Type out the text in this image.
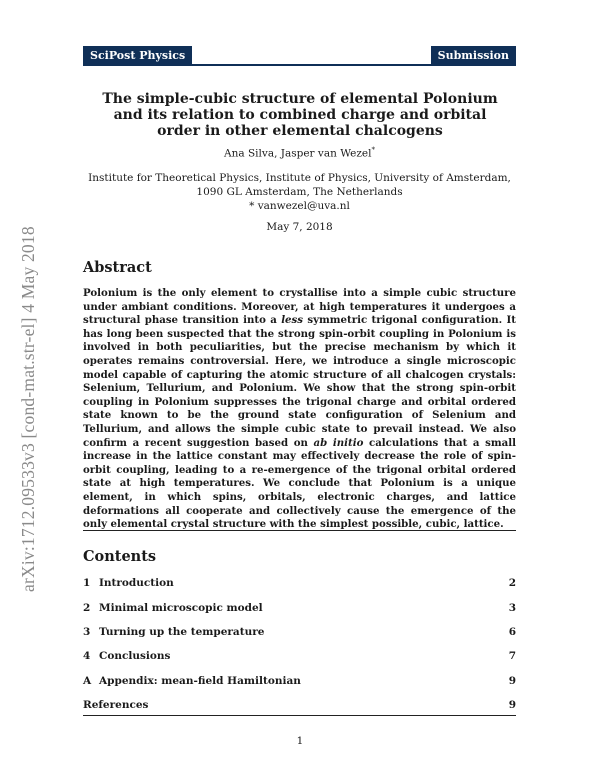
SciPost Physics	Submission
arXiv:1712.09533v3 [cond-mat.str-el] 4 May 2018
The simple-cubic structure of elemental Polonium and its relation to combined charge and orbital order in other elemental chalcogens
Ana Silva, Jasper van Wezel*
Institute for Theoretical Physics, Institute of Physics, University of Amsterdam,
1090 GL Amsterdam, The Netherlands
* vanwezel@uva.nl
May 7, 2018
Abstract

Polonium is the only element to crystallise into a simple cubic structure under ambiant conditions. Moreover, at high temperatures it undergoes a structural phase transition into a less symmetric trigonal configuration. It has long been suspected that the strong spin-orbit coupling in Polonium is involved in both peculiarities, but the precise mechanism by which it operates remains controversial. Here, we introduce a single microscopic model capable of capturing the atomic structure of all chalcogen crystals: Selenium, Tellurium, and Polonium. We show that the strong spin-orbit coupling in Polonium suppresses the trigonal charge and orbital ordered state known to be the ground state configuration of Selenium and Tellurium, and allows the simple cubic state to prevail instead. We also confirm a recent suggestion based on ab initio calculations that a small increase in the lattice constant may effectively decrease the role of spin-orbit coupling, leading to a re-emergence of the trigonal orbital ordered state at high temperatures. We conclude that Polonium is a unique element, in which spins, orbitals, electronic charges, and lattice deformations all cooperate and collectively cause the emergence of the only elemental crystal structure with the simplest possible, cubic, lattice.

Contents
1 Introduction	2
2 Minimal microscopic model	3
3 Turning up the temperature	6
4 Conclusions	7
A Appendix: mean-field Hamiltonian	9
References	9
1
